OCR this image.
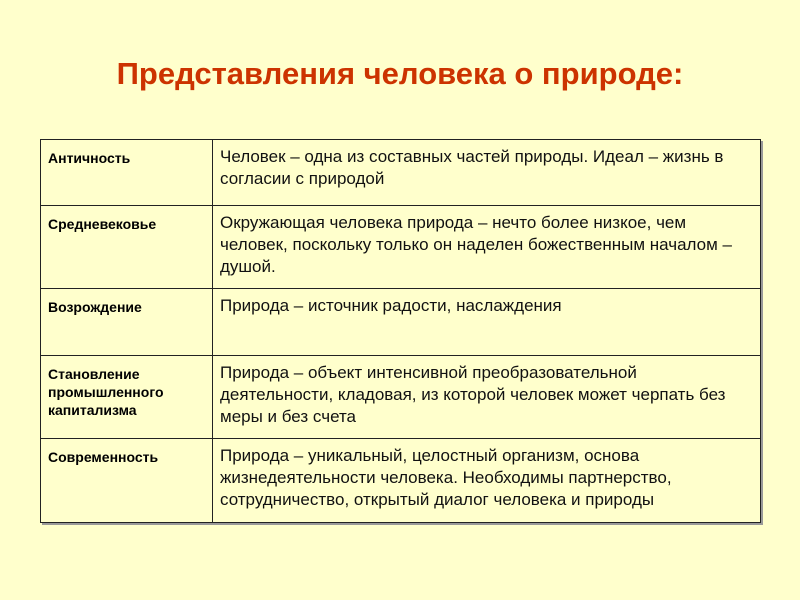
Представления человека о природе:
Античность	Человек – одна из составных частей природы. Идеал – жизнь в согласии с природой
Средневековье	Окружающая человека природа – нечто более низкое, чем человек, поскольку только он наделен божественным началом – душой.
Возрождение	Природа – источник радости, наслаждения
Становление промышленного капитализма	Природа – объект интенсивной преобразовательной деятельности, кладовая, из которой человек может черпать без меры и без счета
Современность	Природа – уникальный, целостный организм, основа жизнедеятельности человека. Необходимы партнерство, сотрудничество, открытый диалог человека и природы
